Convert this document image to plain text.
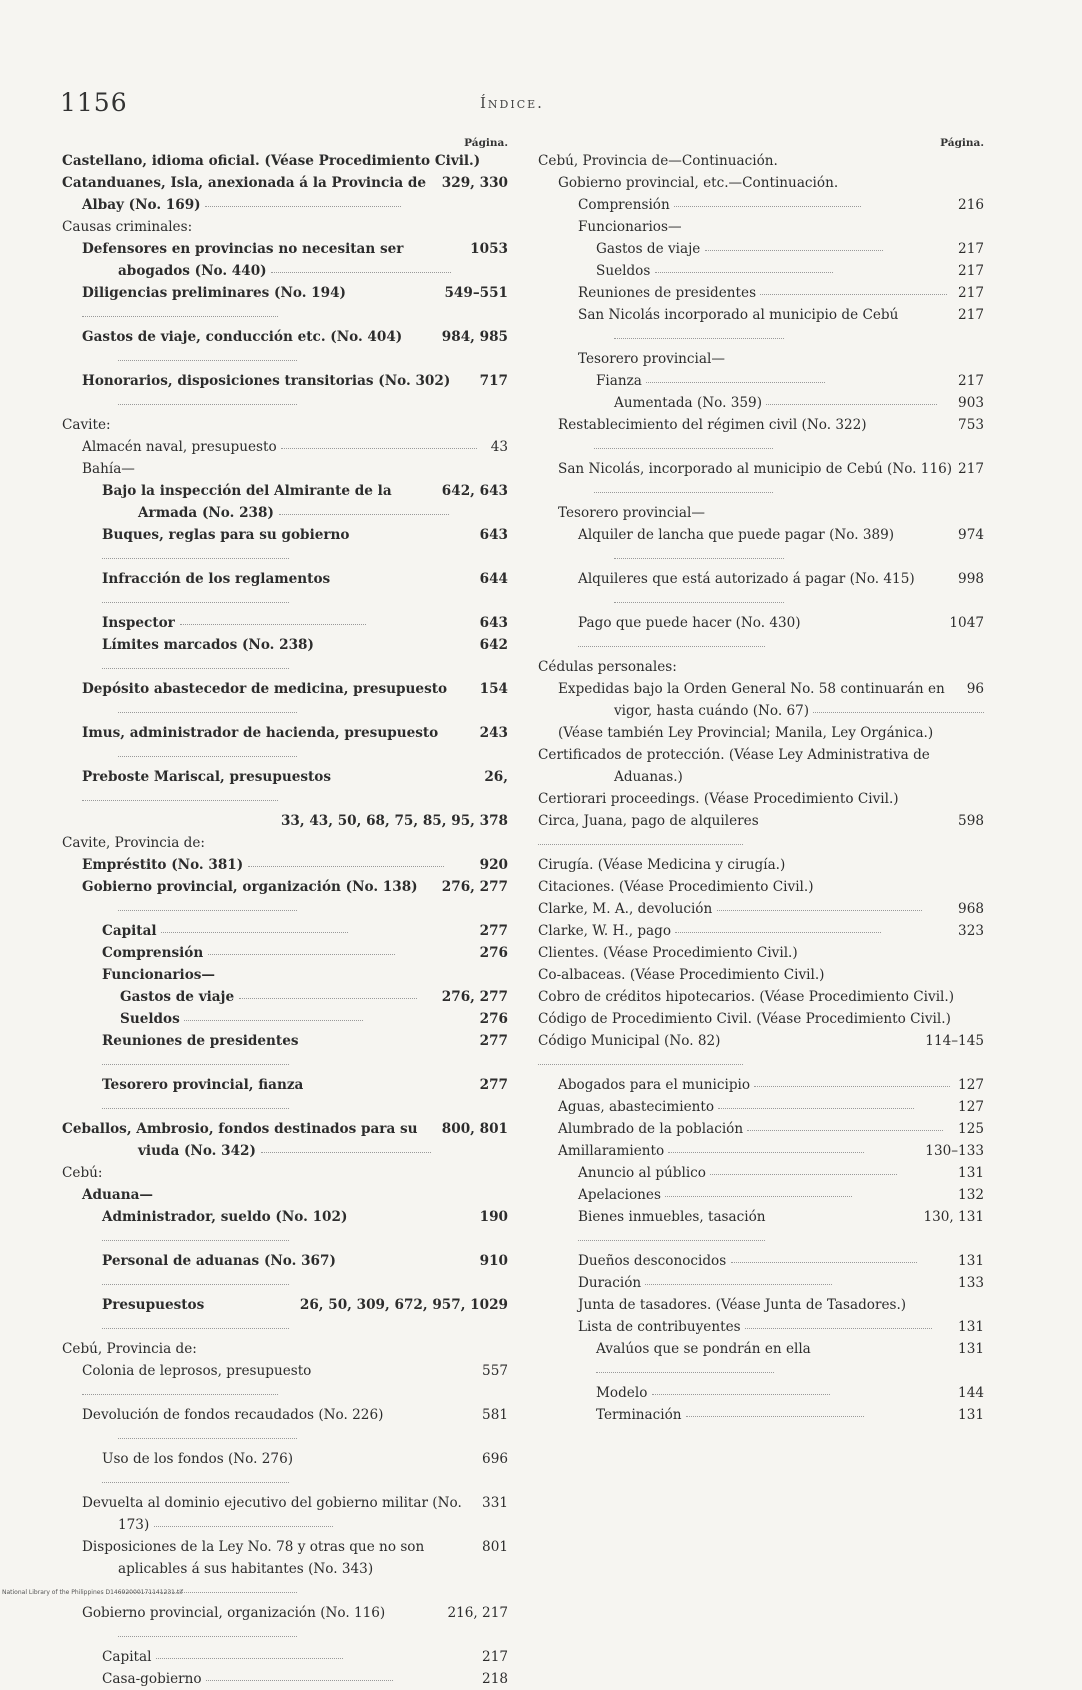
1156	Índice.
Página.
Castellano, idioma oficial. (Véase Procedimiento Civil.)
329, 330
Catanduanes, Isla, anexionada á la Provincia de Albay (No. 169)
Causas criminales:
1053
Defensores en provincias no necesitan ser abogados (No. 440)
549–551
Diligencias preliminares (No. 194)
984, 985
Gastos de viaje, conducción etc. (No. 404)
717
Honorarios, disposiciones transitorias (No. 302)
Cavite:
43
Almacén naval, presupuesto
Bahía—
642, 643
Bajo la inspección del Almirante de la Armada (No. 238)
643
Buques, reglas para su gobierno
644
Infracción de los reglamentos
643
Inspector
642
Límites marcados (No. 238)
154
Depósito abastecedor de medicina, presupuesto
243
Imus, administrador de hacienda, presupuesto
26,
Preboste Mariscal, presupuestos
33, 43, 50, 68, 75, 85, 95, 378
Cavite, Provincia de:
920
Empréstito (No. 381)
276, 277
Gobierno provincial, organización (No. 138)
277
Capital
276
Comprensión
Funcionarios—
276, 277
Gastos de viaje
276
Sueldos
277
Reuniones de presidentes
277
Tesorero provincial, fianza
800, 801
Ceballos, Ambrosio, fondos destinados para su viuda (No. 342)
Cebú:
Aduana—
190
Administrador, sueldo (No. 102)
910
Personal de aduanas (No. 367)
26, 50, 309, 672, 957, 1029
Presupuestos
Cebú, Provincia de:
557
Colonia de leprosos, presupuesto
581
Devolución de fondos recaudados (No. 226)
696
Uso de los fondos (No. 276)
331
Devuelta al dominio ejecutivo del gobierno militar (No. 173)
801
Disposiciones de la Ley No. 78 y otras que no son aplicables á sus habitantes (No. 343)
216, 217
Gobierno provincial, organización (No. 116)
217
Capital
218
Casa-gobierno
Página.
Cebú, Provincia de—Continuación.
Gobierno provincial, etc.—Continuación.
216
Comprensión
Funcionarios—
217
Gastos de viaje
217
Sueldos
217
Reuniones de presidentes
217
San Nicolás incorporado al municipio de Cebú
Tesorero provincial—
217
Fianza
903
Aumentada (No. 359)
753
Restablecimiento del régimen civil (No. 322)
217
San Nicolás, incorporado al municipio de Cebú (No. 116)
Tesorero provincial—
974
Alquiler de lancha que puede pagar (No. 389)
998
Alquileres que está autorizado á pagar (No. 415)
1047
Pago que puede hacer (No. 430)
Cédulas personales:
96
Expedidas bajo la Orden General No. 58 continuarán en vigor, hasta cuándo (No. 67)
(Véase también Ley Provincial; Manila, Ley Orgánica.)
Certificados de protección. (Véase Ley Administrativa de Aduanas.)
Certiorari proceedings. (Véase Procedimiento Civil.)
598
Circa, Juana, pago de alquileres
Cirugía. (Véase Medicina y cirugía.)
Citaciones. (Véase Procedimiento Civil.)
968
Clarke, M. A., devolución
323
Clarke, W. H., pago
Clientes. (Véase Procedimiento Civil.)
Co-albaceas. (Véase Procedimiento Civil.)
Cobro de créditos hipotecarios. (Véase Procedimiento Civil.)
Código de Procedimiento Civil. (Véase Procedimiento Civil.)
114–145
Código Municipal (No. 82)
127
Abogados para el municipio
127
Aguas, abastecimiento
125
Alumbrado de la población
130–133
Amillaramiento
131
Anuncio al público
132
Apelaciones
130, 131
Bienes inmuebles, tasación
131
Dueños desconocidos
133
Duración
Junta de tasadores. (Véase Junta de Tasadores.)
131
Lista de contribuyentes
131
Avalúos que se pondrán en ella
144
Modelo
131
Terminación
National Library of the Philippines D14692000171141231.tif
